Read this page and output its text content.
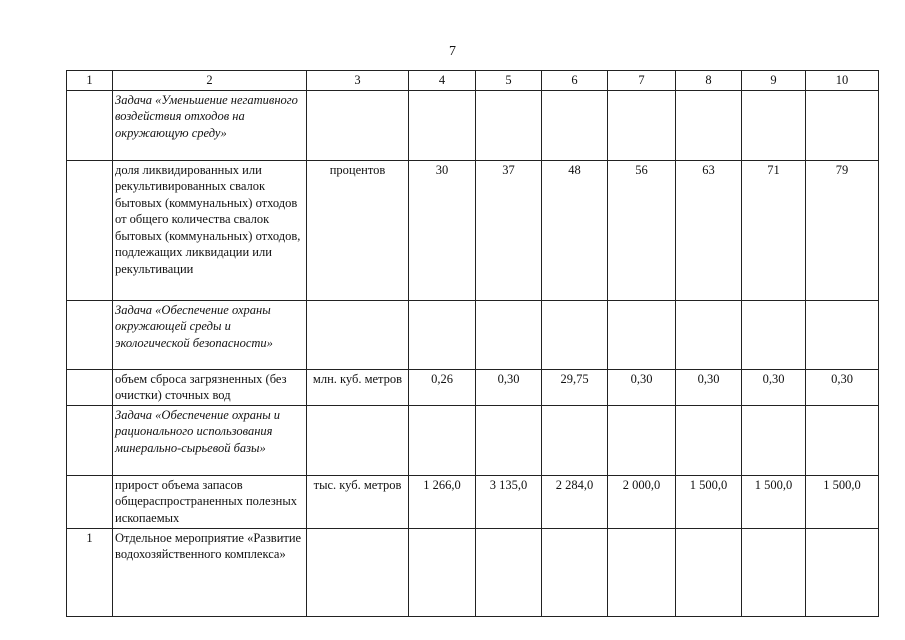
7
1	2	3	4	5	6	7	8	9	10
	Задача «Уменьшение негативного воздействия отходов на окружающую среду»								
	доля ликвидированных или рекультивированных свалок бытовых (коммунальных) отходов от общего количества свалок бытовых (коммунальных) отходов, подлежащих ликвидации или рекультивации	процентов	30	37	48	56	63	71	79
	Задача «Обеспечение охраны окружающей среды и экологической безопасности»								
	объем сброса загрязненных (без очистки) сточных вод	млн. куб. метров	0,26	0,30	29,75	0,30	0,30	0,30	0,30
	Задача «Обеспечение охраны и рационального использования минерально-сырьевой базы»								
	прирост объема запасов общераспространенных полезных ископаемых	тыс. куб. метров	1 266,0	3 135,0	2 284,0	2 000,0	1 500,0	1 500,0	1 500,0
1	Отдельное мероприятие «Развитие водохозяйственного комплекса»								
